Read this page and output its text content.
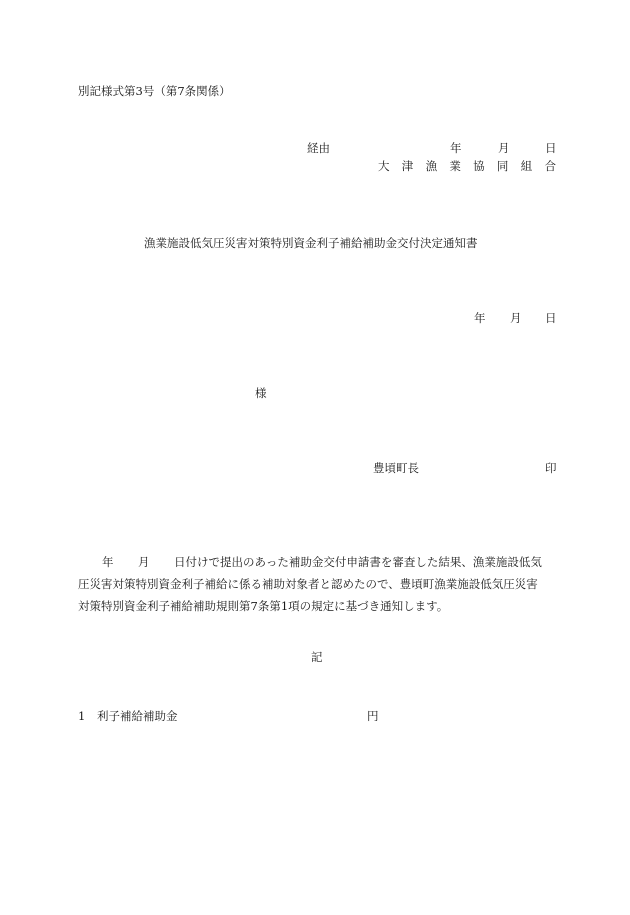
別記様式第3号（第7条関係）
経由	年	月	日
大 津 漁 業 協 同 組 合
漁業施設低気圧災害対策特別資金利子補給補助金交付決定通知書
年 月 日
様
豊頃町長	印
年 月 日付けで提出のあった補助金交付申請書を審査した結果、漁業施設低気
圧災害対策特別資金利子補給に係る補助対象者と認めたので、豊頃町漁業施設低気圧災害
対策特別資金利子補給補助規則第7条第1項の規定に基づき通知します。
記
1 利子補給補助金	円
